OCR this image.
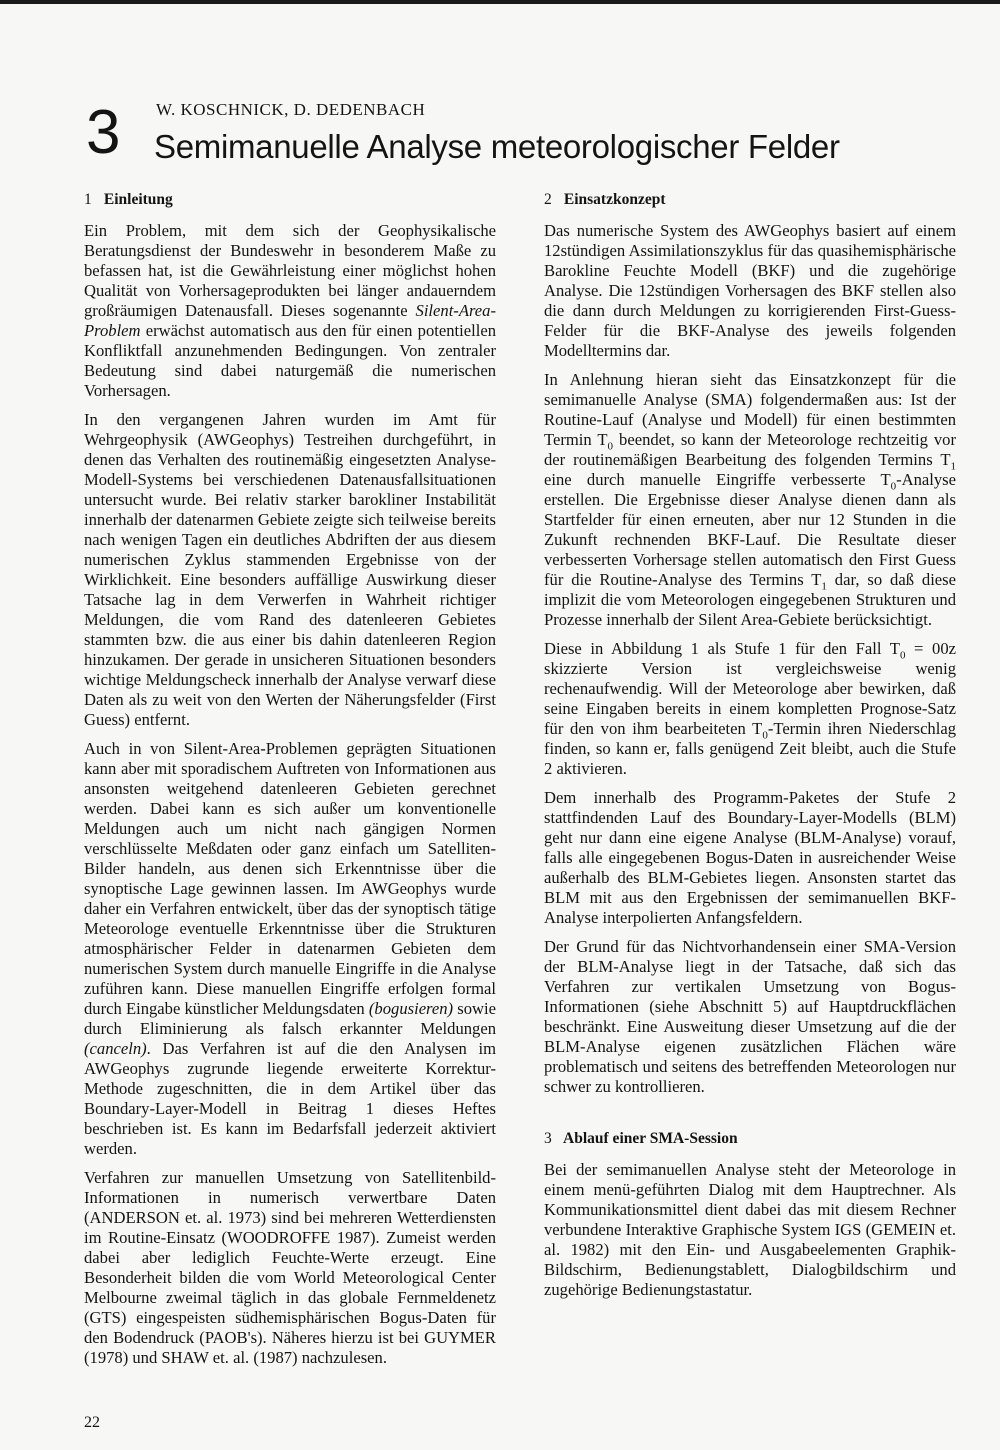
3 W. KOSCHNICK, D. DEDENBACH
Semimanuelle Analyse meteorologischer Felder
1 Einleitung

Ein Problem, mit dem sich der Geophysikalische Beratungsdienst der Bundeswehr in besonderem Maße zu befassen hat, ist die Gewährleistung einer möglichst hohen Qualität von Vorhersageprodukten bei länger andauerndem großräumigen Datenausfall. Dieses sogenannte Silent-Area-Problem erwächst automatisch aus den für einen potentiellen Konfliktfall anzunehmenden Bedingungen. Von zentraler Bedeutung sind dabei naturgemäß die numerischen Vorhersagen.

In den vergangenen Jahren wurden im Amt für Wehrgeophysik (AWGeophys) Testreihen durchgeführt, in denen das Verhalten des routinemäßig eingesetzten Analyse-Modell-Systems bei verschiedenen Datenausfallsituationen untersucht wurde. Bei relativ starker barokliner Instabilität innerhalb der datenarmen Gebiete zeigte sich teilweise bereits nach wenigen Tagen ein deutliches Abdriften der aus diesem numerischen Zyklus stammenden Ergebnisse von der Wirklichkeit. Eine besonders auffällige Auswirkung dieser Tatsache lag in dem Verwerfen in Wahrheit richtiger Meldungen, die vom Rand des datenleeren Gebietes stammten bzw. die aus einer bis dahin datenleeren Region hinzukamen. Der gerade in unsicheren Situationen besonders wichtige Meldungscheck innerhalb der Analyse verwarf diese Daten als zu weit von den Werten der Näherungsfelder (First Guess) entfernt.

Auch in von Silent-Area-Problemen geprägten Situationen kann aber mit sporadischem Auftreten von Informationen aus ansonsten weitgehend datenleeren Gebieten gerechnet werden. Dabei kann es sich außer um konventionelle Meldungen auch um nicht nach gängigen Normen verschlüsselte Meßdaten oder ganz einfach um Satelliten-Bilder handeln, aus denen sich Erkenntnisse über die synoptische Lage gewinnen lassen. Im AWGeophys wurde daher ein Verfahren entwickelt, über das der synoptisch tätige Meteorologe eventuelle Erkenntnisse über die Strukturen atmosphärischer Felder in datenarmen Gebieten dem numerischen System durch manuelle Eingriffe in die Analyse zuführen kann. Diese manuellen Eingriffe erfolgen formal durch Eingabe künstlicher Meldungsdaten (bogusieren) sowie durch Eliminierung als falsch erkannter Meldungen (canceln). Das Verfahren ist auf die den Analysen im AWGeophys zugrunde liegende erweiterte Korrektur-Methode zugeschnitten, die in dem Artikel über das Boundary-Layer-Modell in Beitrag 1 dieses Heftes beschrieben ist. Es kann im Bedarfsfall jederzeit aktiviert werden.

Verfahren zur manuellen Umsetzung von Satellitenbild-Informationen in numerisch verwertbare Daten (ANDERSON et. al. 1973) sind bei mehreren Wetterdiensten im Routine-Einsatz (WOODROFFE 1987). Zumeist werden dabei aber lediglich Feuchte-Werte erzeugt. Eine Besonderheit bilden die vom World Meteorological Center Melbourne zweimal täglich in das globale Fernmeldenetz (GTS) eingespeisten südhemisphärischen Bogus-Daten für den Bodendruck (PAOB's). Näheres hierzu ist bei GUYMER (1978) und SHAW et. al. (1987) nachzulesen.

2 Einsatzkonzept

Das numerische System des AWGeophys basiert auf einem 12stündigen Assimilationszyklus für das quasihemisphärische Barokline Feuchte Modell (BKF) und die zugehörige Analyse. Die 12stündigen Vorhersagen des BKF stellen also die dann durch Meldungen zu korrigierenden First-Guess-Felder für die BKF-Analyse des jeweils folgenden Modelltermins dar.

In Anlehnung hieran sieht das Einsatzkonzept für die semimanuelle Analyse (SMA) folgendermaßen aus: Ist der Routine-Lauf (Analyse und Modell) für einen bestimmten Termin $T_0$ beendet, so kann der Meteorologe rechtzeitig vor der routinemäßigen Bearbeitung des folgenden Termins $T_1$ eine durch manuelle Eingriffe verbesserte $T_0$-Analyse erstellen. Die Ergebnisse dieser Analyse dienen dann als Startfelder für einen erneuten, aber nur 12 Stunden in die Zukunft rechnenden BKF-Lauf. Die Resultate dieser verbesserten Vorhersage stellen automatisch den First Guess für die Routine-Analyse des Termins $T_1$ dar, so daß diese implizit die vom Meteorologen eingegebenen Strukturen und Prozesse innerhalb der Silent Area-Gebiete berücksichtigt.

Diese in Abbildung 1 als Stufe 1 für den Fall $T_0 = 00z$ skizzierte Version ist vergleichsweise wenig rechenaufwendig. Will der Meteorologe aber bewirken, daß seine Eingaben bereits in einem kompletten Prognose-Satz für den von ihm bearbeiteten $T_0$-Termin ihren Niederschlag finden, so kann er, falls genügend Zeit bleibt, auch die Stufe 2 aktivieren.

Dem innerhalb des Programm-Paketes der Stufe 2 stattfindenden Lauf des Boundary-Layer-Modells (BLM) geht nur dann eine eigene Analyse (BLM-Analyse) vorauf, falls alle eingegebenen Bogus-Daten in ausreichender Weise außerhalb des BLM-Gebietes liegen. Ansonsten startet das BLM mit aus den Ergebnissen der semimanuellen BKF-Analyse interpolierten Anfangsfeldern.

Der Grund für das Nichtvorhandensein einer SMA-Version der BLM-Analyse liegt in der Tatsache, daß sich das Verfahren zur vertikalen Umsetzung von Bogus-Informationen (siehe Abschnitt 5) auf Hauptdruckflächen beschränkt. Eine Ausweitung dieser Umsetzung auf die der BLM-Analyse eigenen zusätzlichen Flächen wäre problematisch und seitens des betreffenden Meteorologen nur schwer zu kontrollieren.

3 Ablauf einer SMA-Session

Bei der semimanuellen Analyse steht der Meteorologe in einem menü-geführten Dialog mit dem Hauptrechner. Als Kommunikationsmittel dient dabei das mit diesem Rechner verbundene Interaktive Graphische System IGS (GEMEIN et. al. 1982) mit den Ein- und Ausgabeelementen Graphik-Bildschirm, Bedienungstablett, Dialogbildschirm und zugehörige Bedienungstastatur.

22
